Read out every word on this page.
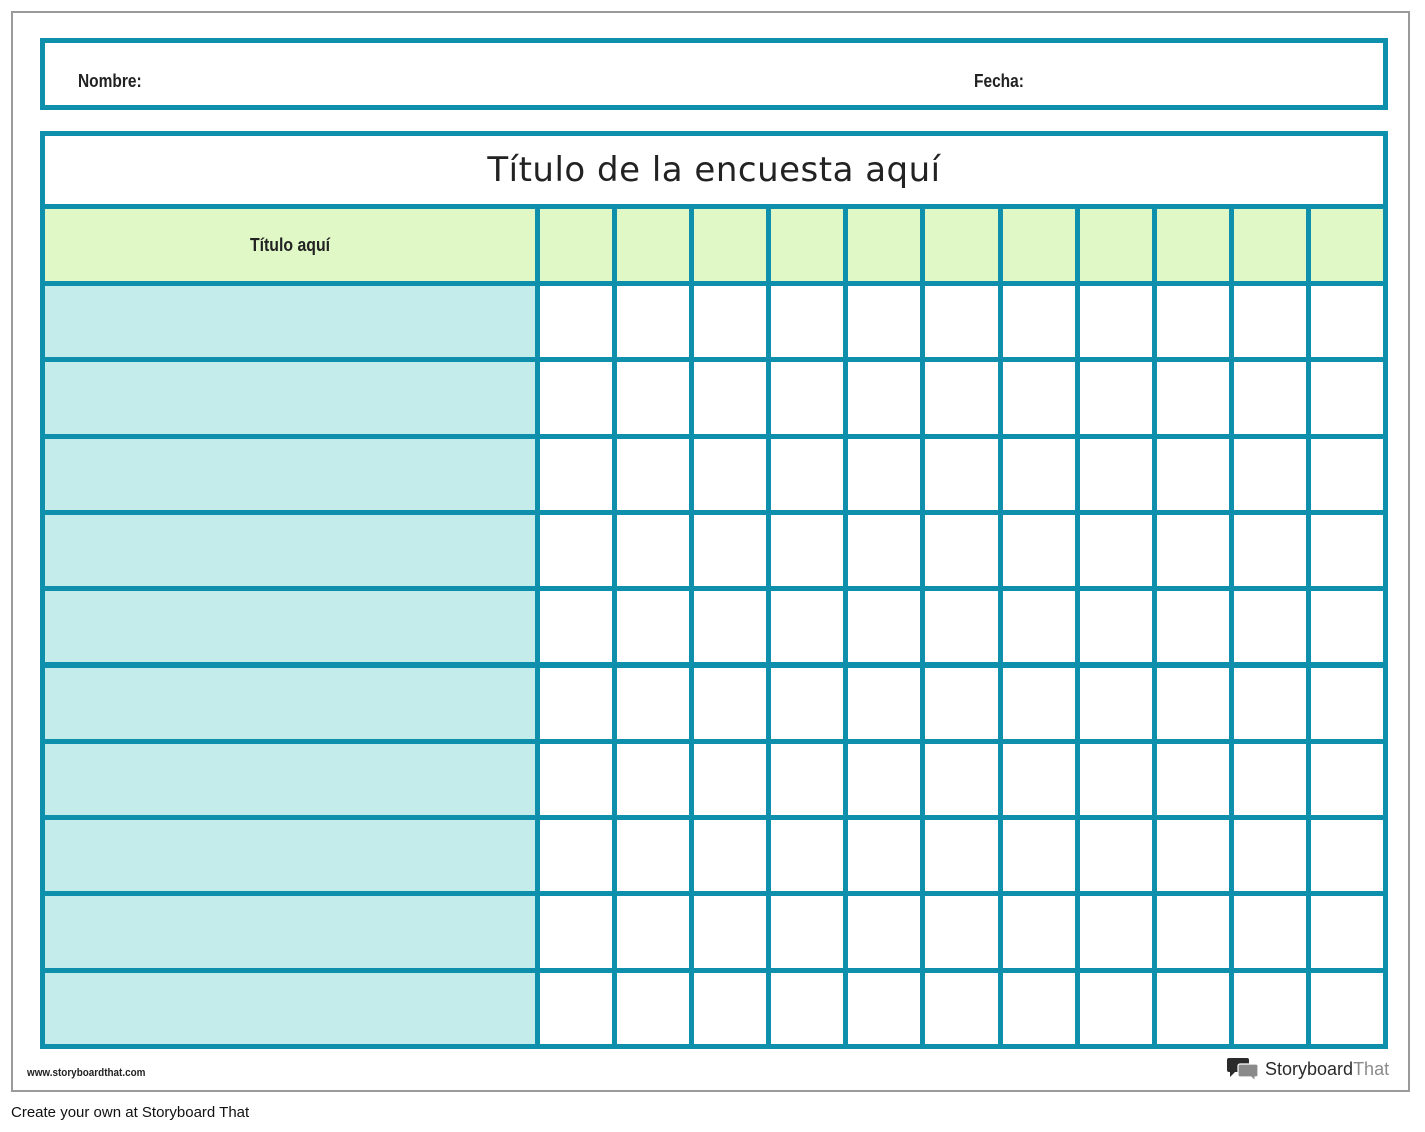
Nombre:	Fecha:
Título de la encuesta aquí
Título aquí
www.storyboardthat.com	StoryboardThat
Create your own at Storyboard That
